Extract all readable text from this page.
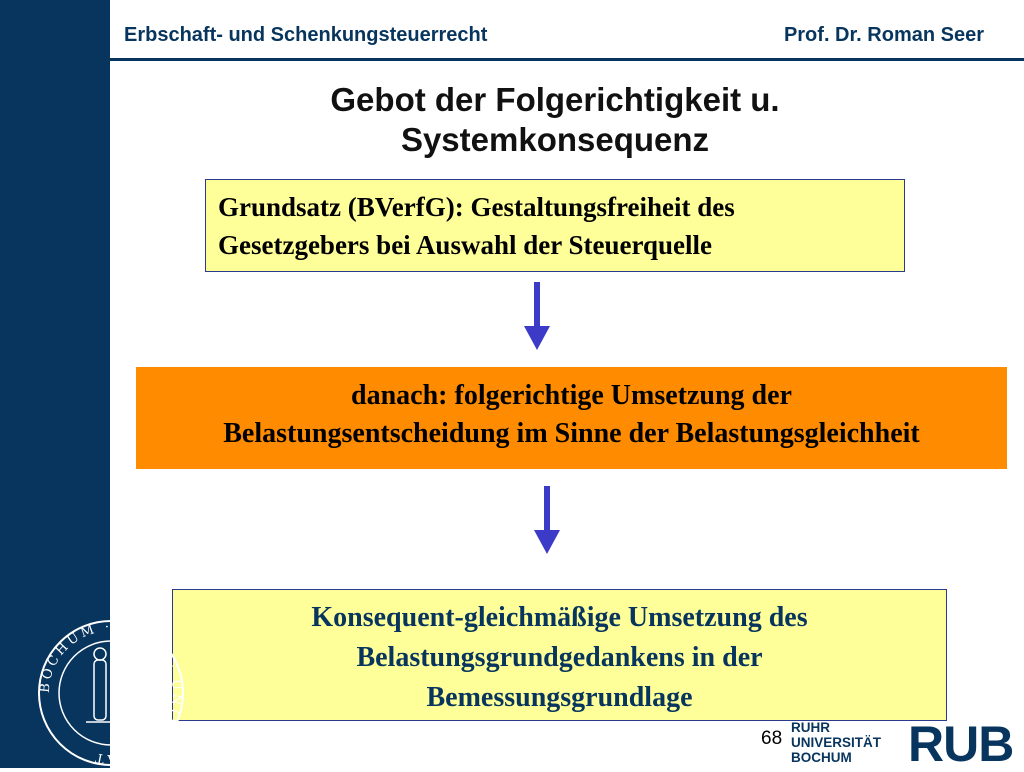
Erbschaft- und Schenkungsteuerrecht	Prof. Dr. Roman Seer
Gebot der Folgerichtigkeit u.
Systemkonsequenz
Grundsatz (BVerfG): Gestaltungsfreiheit des
Gesetzgebers bei Auswahl der Steuerquelle
danach: folgerichtige Umsetzung der
Belastungsentscheidung im Sinne der Belastungsgleichheit
Konsequent-gleichmäßige Umsetzung des
Belastungsgrundgedankens in der
Bemessungsgrundlage
BOCHUM · RUHR · UNIVERSITÄT
68
RUHR
UNIVERSITÄT
BOCHUM	RUB
